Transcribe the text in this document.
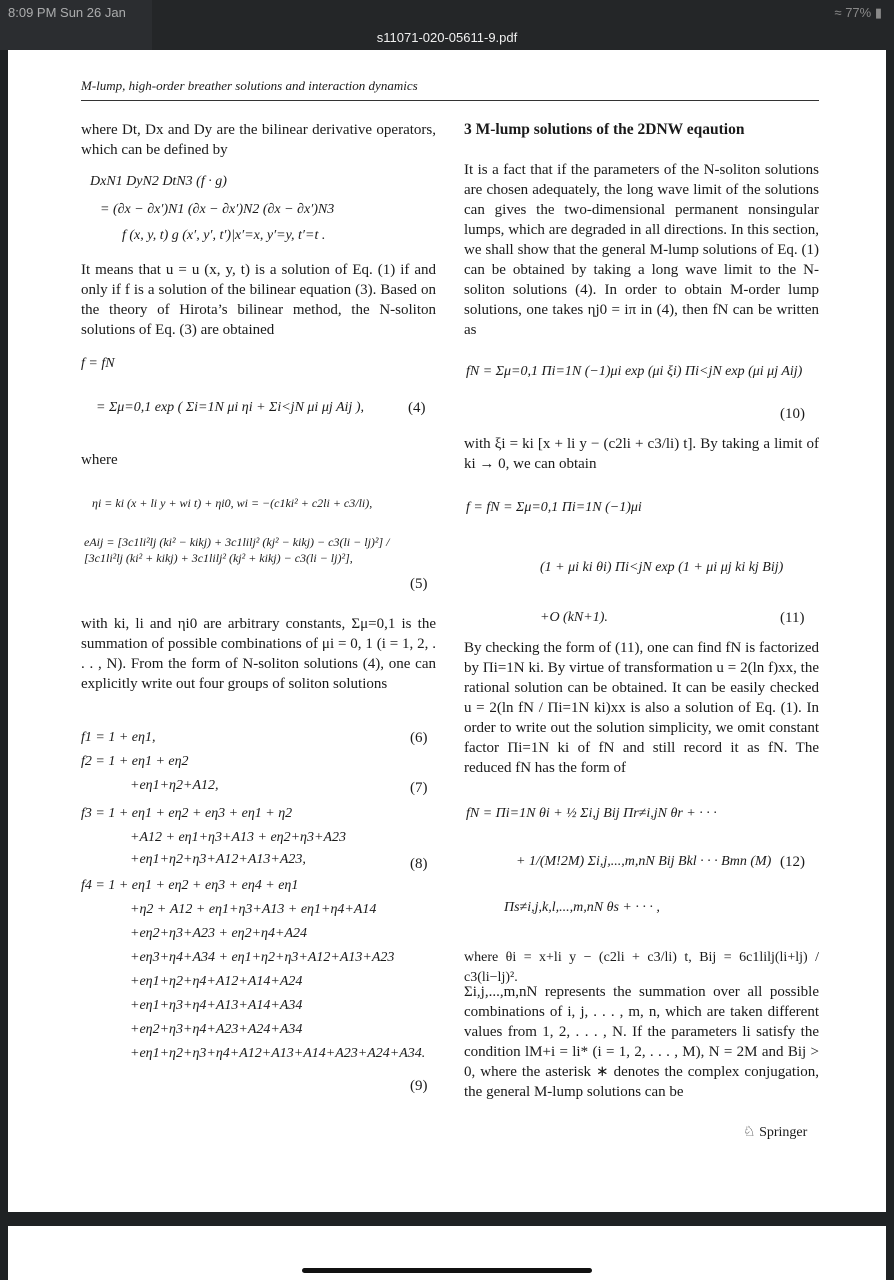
8:09 PM Sun 26 Jan	≈ 77% ▮
s11071-020-05611-9.pdf
M-lump, high-order breather solutions and interaction dynamics
where Dt, Dx and Dy are the bilinear derivative operators, which can be defined by
DxN1 DyN2 DtN3 (f · g)
= (∂x − ∂x′)N1 (∂x − ∂x′)N2 (∂x − ∂x′)N3
f (x, y, t) g (x′, y′, t′)|x′=x, y′=y, t′=t .
It means that u = u (x, y, t) is a solution of Eq. (1) if and only if f is a solution of the bilinear equation (3). Based on the theory of Hirota’s bilinear method, the N-soliton solutions of Eq. (3) are obtained
f = fN
= Σμ=0,1 exp ( Σi=1N μi ηi + Σi<jN μi μj Aij ),	(4)
where
ηi = ki (x + li y + wi t) + ηi0, wi = −(c1ki² + c2li + c3/li),
eAij = [3c1li²lj (ki² − kikj) + 3c1lilj² (kj² − kikj) − c3(li − lj)²] / [3c1li²lj (ki² + kikj) + 3c1lilj² (kj² + kikj) − c3(li − lj)²],
(5)
with ki, li and ηi0 are arbitrary constants, Σμ=0,1 is the summation of possible combinations of μi = 0, 1 (i = 1, 2, . . . , N). From the form of N-soliton solutions (4), one can explicitly write out four groups of soliton solutions
f1 = 1 + eη1,	(6)
f2 = 1 + eη1 + eη2
+eη1+η2+A12,	(7)
f3 = 1 + eη1 + eη2 + eη3 + eη1 + η2
+A12 + eη1+η3+A13 + eη2+η3+A23
+eη1+η2+η3+A12+A13+A23,	(8)
f4 = 1 + eη1 + eη2 + eη3 + eη4 + eη1
+η2 + A12 + eη1+η3+A13 + eη1+η4+A14
+eη2+η3+A23 + eη2+η4+A24
+eη3+η4+A34 + eη1+η2+η3+A12+A13+A23
+eη1+η2+η4+A12+A14+A24
+eη1+η3+η4+A13+A14+A34
+eη2+η3+η4+A23+A24+A34
+eη1+η2+η3+η4+A12+A13+A14+A23+A24+A34.
(9)
3 M-lump solutions of the 2DNW eqaution
It is a fact that if the parameters of the N-soliton solutions are chosen adequately, the long wave limit of the solutions can gives the two-dimensional permanent nonsingular lumps, which are degraded in all directions. In this section, we shall show that the general M-lump solutions of Eq. (1) can be obtained by taking a long wave limit to the N-soliton solutions (4). In order to obtain M-order lump solutions, one takes ηj0 = iπ in (4), then fN can be written as
fN = Σμ=0,1 Πi=1N (−1)μi exp (μi ξi) Πi<jN exp (μi μj Aij)
(10)
with ξi = ki [x + li y − (c2li + c3/li) t]. By taking a limit of ki → 0, we can obtain
f = fN = Σμ=0,1 Πi=1N (−1)μi
(1 + μi ki θi) Πi<jN exp (1 + μi μj ki kj Bij)
+O (kN+1).	(11)
By checking the form of (11), one can find fN is factorized by Πi=1N ki. By virtue of transformation u = 2(ln f)xx, the rational solution can be obtained. It can be easily checked u = 2(ln fN / Πi=1N ki)xx is also a solution of Eq. (1). In order to write out the solution simplicity, we omit constant factor Πi=1N ki of fN and still record it as fN. The reduced fN has the form of
fN = Πi=1N θi + ½ Σi,j Bij Πr≠i,jN θr + · · ·
+ 1/(M!2M) Σi,j,...,m,nN Bij Bkl · · · Bmn (M)
Πs≠i,j,k,l,...,m,nN θs + · · · ,
(12)
where θi = x+li y − (c2li + c3/li) t, Bij = 6c1lilj(li+lj) / c3(li−lj)².
Σi,j,...,m,nN represents the summation over all possible combinations of i, j, . . . , m, n, which are taken different values from 1, 2, . . . , N. If the parameters li satisfy the condition lM+i = li* (i = 1, 2, . . . , M), N = 2M and Bij > 0, where the asterisk ∗ denotes the complex conjugation, the general M-lump solutions can be
♘ Springer
